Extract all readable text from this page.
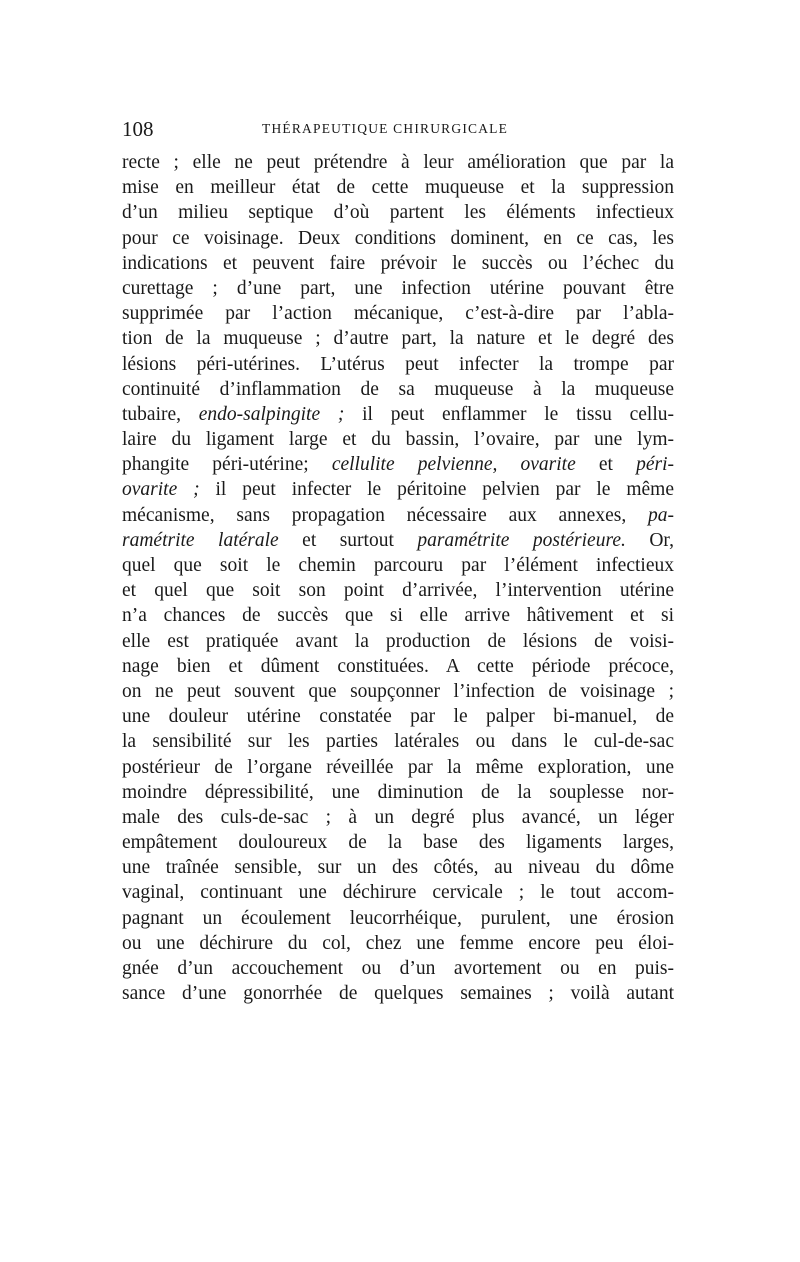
108	THÉRAPEUTIQUE CHIRURGICALE
recte ; elle ne peut prétendre à leur amélioration que par la
mise en meilleur état de cette muqueuse et la suppression
d’un milieu septique d’où partent les éléments infectieux
pour ce voisinage. Deux conditions dominent, en ce cas, les
indications et peuvent faire prévoir le succès ou l’échec du
curettage ; d’une part, une infection utérine pouvant être
supprimée par l’action mécanique, c’est-à-dire par l’abla-
tion de la muqueuse ; d’autre part, la nature et le degré des
lésions péri-utérines. L’utérus peut infecter la trompe par
continuité d’inflammation de sa muqueuse à la muqueuse
tubaire, endo-salpingite ; il peut enflammer le tissu cellu-
laire du ligament large et du bassin, l’ovaire, par une lym-
phangite péri-utérine; cellulite pelvienne, ovarite et péri-
ovarite ; il peut infecter le péritoine pelvien par le même
mécanisme, sans propagation nécessaire aux annexes, pa-
ramétrite latérale et surtout paramétrite postérieure. Or,
quel que soit le chemin parcouru par l’élément infectieux
et quel que soit son point d’arrivée, l’intervention utérine
n’a chances de succès que si elle arrive hâtivement et si
elle est pratiquée avant la production de lésions de voisi-
nage bien et dûment constituées. A cette période précoce,
on ne peut souvent que soupçonner l’infection de voisinage ;
une douleur utérine constatée par le palper bi-manuel, de
la sensibilité sur les parties latérales ou dans le cul-de-sac
postérieur de l’organe réveillée par la même exploration, une
moindre dépressibilité, une diminution de la souplesse nor-
male des culs-de-sac ; à un degré plus avancé, un léger
empâtement douloureux de la base des ligaments larges,
une traînée sensible, sur un des côtés, au niveau du dôme
vaginal, continuant une déchirure cervicale ; le tout accom-
pagnant un écoulement leucorrhéique, purulent, une érosion
ou une déchirure du col, chez une femme encore peu éloi-
gnée d’un accouchement ou d’un avortement ou en puis-
sance d’une gonorrhée de quelques semaines ; voilà autant
